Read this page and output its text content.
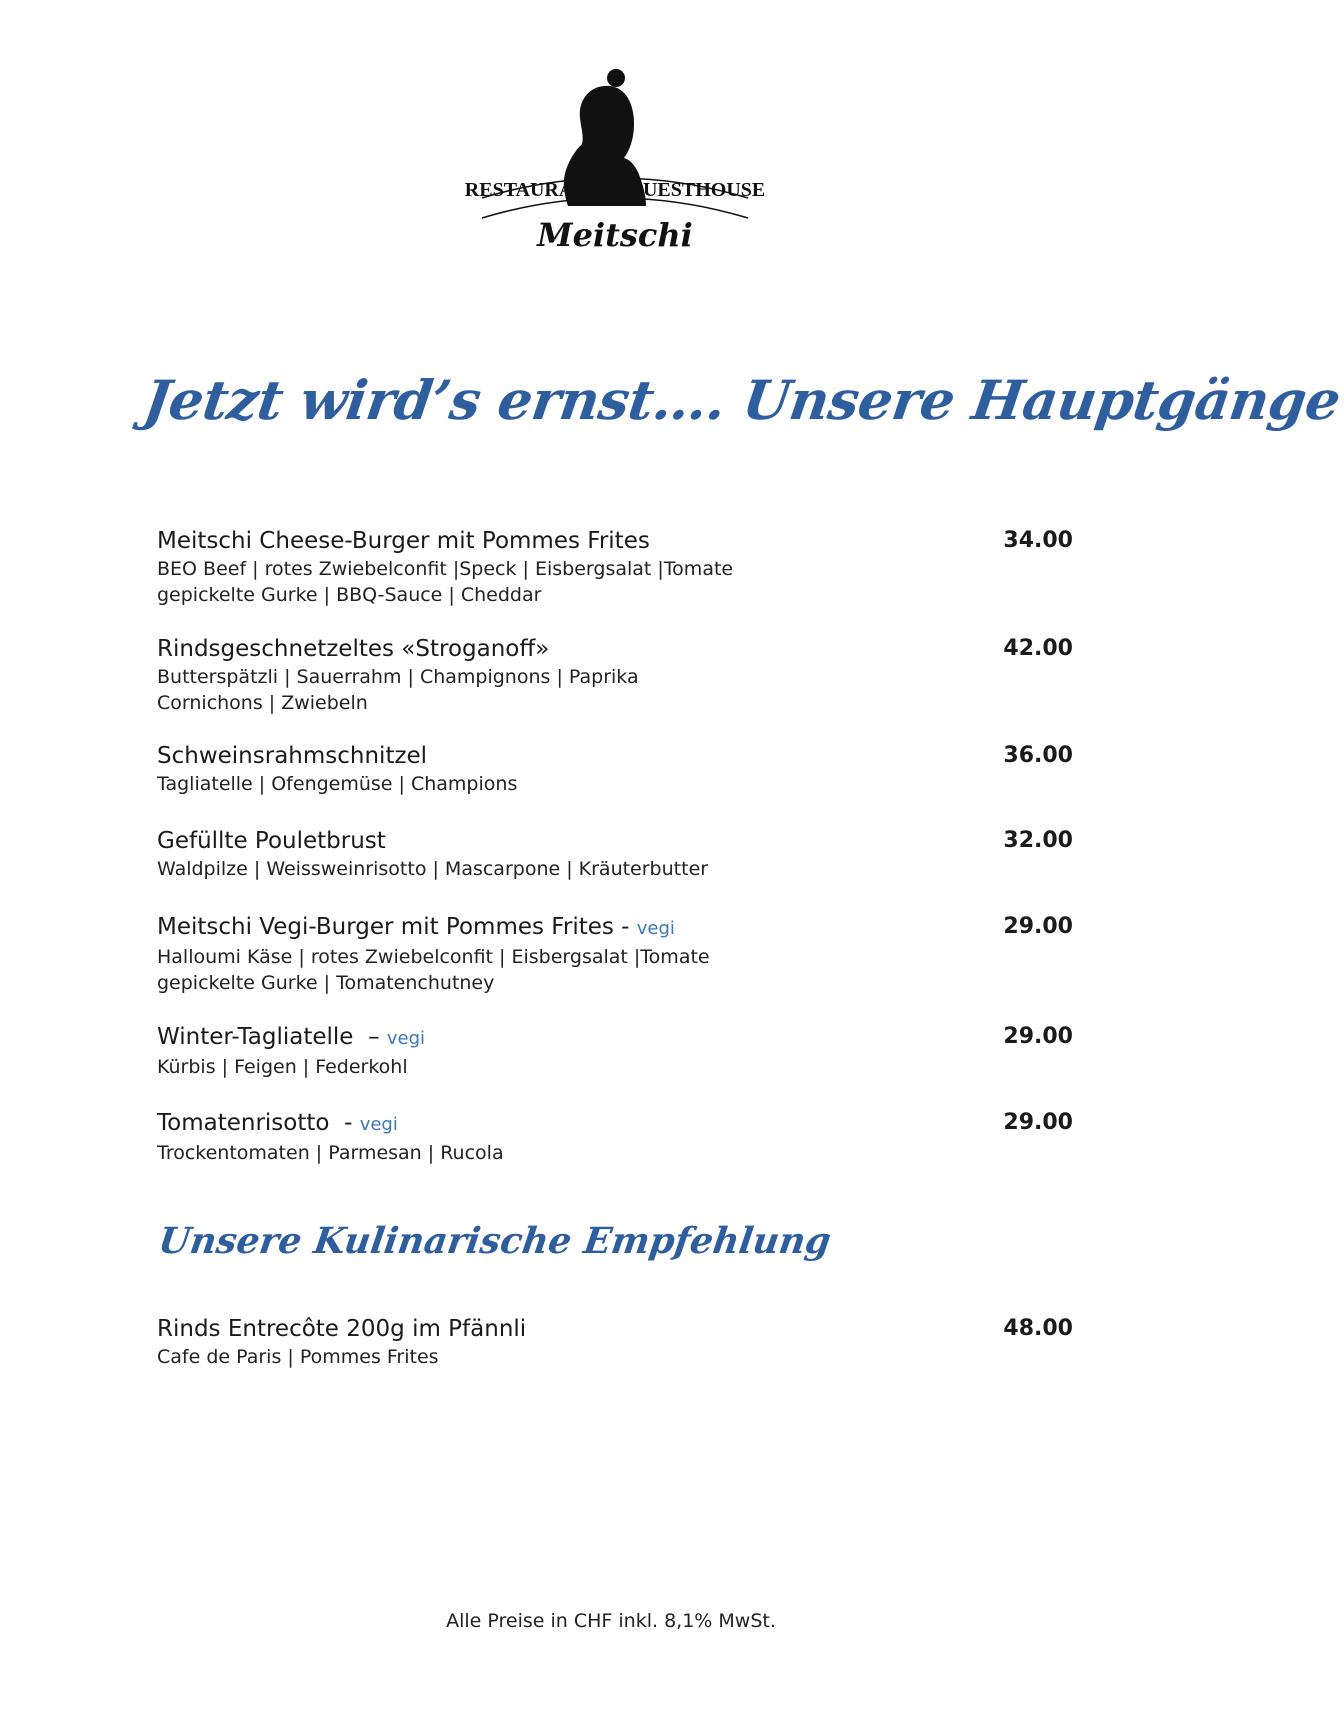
RESTAURANT & GUESTHOUSE
Meitschi
Jetzt wird’s ernst…. Unsere Hauptgänge
Meitschi Cheese-Burger mit Pommes Frites
BEO Beef | rotes Zwiebelconfit |Speck | Eisbergsalat |Tomate
gepickelte Gurke | BBQ-Sauce | Cheddar
34.00
Rindsgeschnetzeltes «Stroganoff»
Butterspätzli | Sauerrahm | Champignons | Paprika
Cornichons | Zwiebeln
42.00
Schweinsrahmschnitzel
Tagliatelle | Ofengemüse | Champions
36.00
Gefüllte Pouletbrust
Waldpilze | Weissweinrisotto | Mascarpone | Kräuterbutter
32.00
Meitschi Vegi-Burger mit Pommes Frites - vegi
Halloumi Käse | rotes Zwiebelconfit | Eisbergsalat |Tomate
gepickelte Gurke | Tomatenchutney
29.00
Winter-Tagliatelle  – vegi
Kürbis | Feigen | Federkohl
29.00
Tomatenrisotto  - vegi
Trockentomaten | Parmesan | Rucola
29.00
Unsere Kulinarische Empfehlung
Rinds Entrecôte 200g im Pfännli
Cafe de Paris | Pommes Frites
48.00
Alle Preise in CHF inkl. 8,1% MwSt.
